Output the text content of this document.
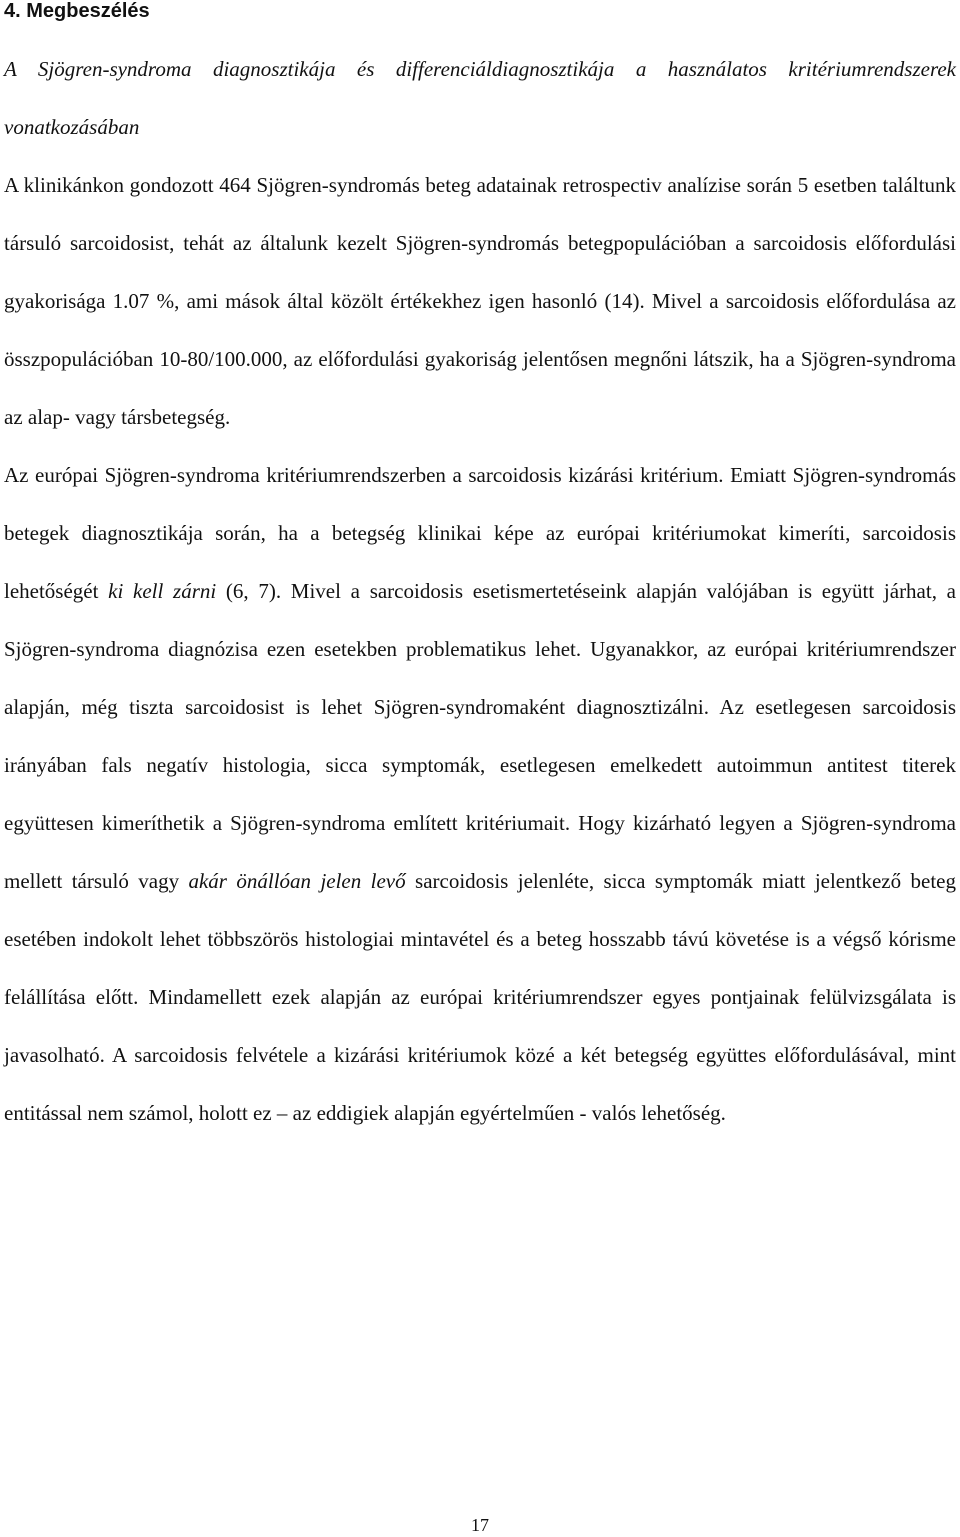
4. Megbeszélés

A Sjögren-syndroma diagnosztikája és differenciáldiagnosztikája a használatos kritériumrendszerek vonatkozásában

A klinikánkon gondozott 464 Sjögren-syndromás beteg adatainak retrospectiv analízise során 5 esetben találtunk társuló sarcoidosist, tehát az általunk kezelt Sjögren-syndromás betegpopulációban a sarcoidosis előfordulási gyakorisága 1.07 %, ami mások által közölt értékekhez igen hasonló (14). Mivel a sarcoidosis előfordulása az összpopulációban 10-80/100.000, az előfordulási gyakoriság jelentősen megnőni látszik, ha a Sjögren-syndroma az alap- vagy társbetegség.

Az európai Sjögren-syndroma kritériumrendszerben a sarcoidosis kizárási kritérium. Emiatt Sjögren-syndromás betegek diagnosztikája során, ha a betegség klinikai képe az európai kritériumokat kimeríti, sarcoidosis lehetőségét ki kell zárni (6, 7). Mivel a sarcoidosis esetismertetéseink alapján valójában is együtt járhat, a Sjögren-syndroma diagnózisa ezen esetekben problematikus lehet. Ugyanakkor, az európai kritériumrendszer alapján, még tiszta sarcoidosist is lehet Sjögren-syndromaként diagnosztizálni. Az esetlegesen sarcoidosis irányában fals negatív histologia, sicca symptomák, esetlegesen emelkedett autoimmun antitest titerek együttesen kimeríthetik a Sjögren-syndroma említett kritériumait. Hogy kizárható legyen a Sjögren-syndroma mellett társuló vagy akár önállóan jelen levő sarcoidosis jelenléte, sicca symptomák miatt jelentkező beteg esetében indokolt lehet többszörös histologiai mintavétel és a beteg hosszabb távú követése is a végső kórisme felállítása előtt. Mindamellett ezek alapján az európai kritériumrendszer egyes pontjainak felülvizsgálata is javasolható. A sarcoidosis felvétele a kizárási kritériumok közé a két betegség együttes előfordulásával, mint entitással nem számol, holott ez – az eddigiek alapján egyértelműen - valós lehetőség.

17
